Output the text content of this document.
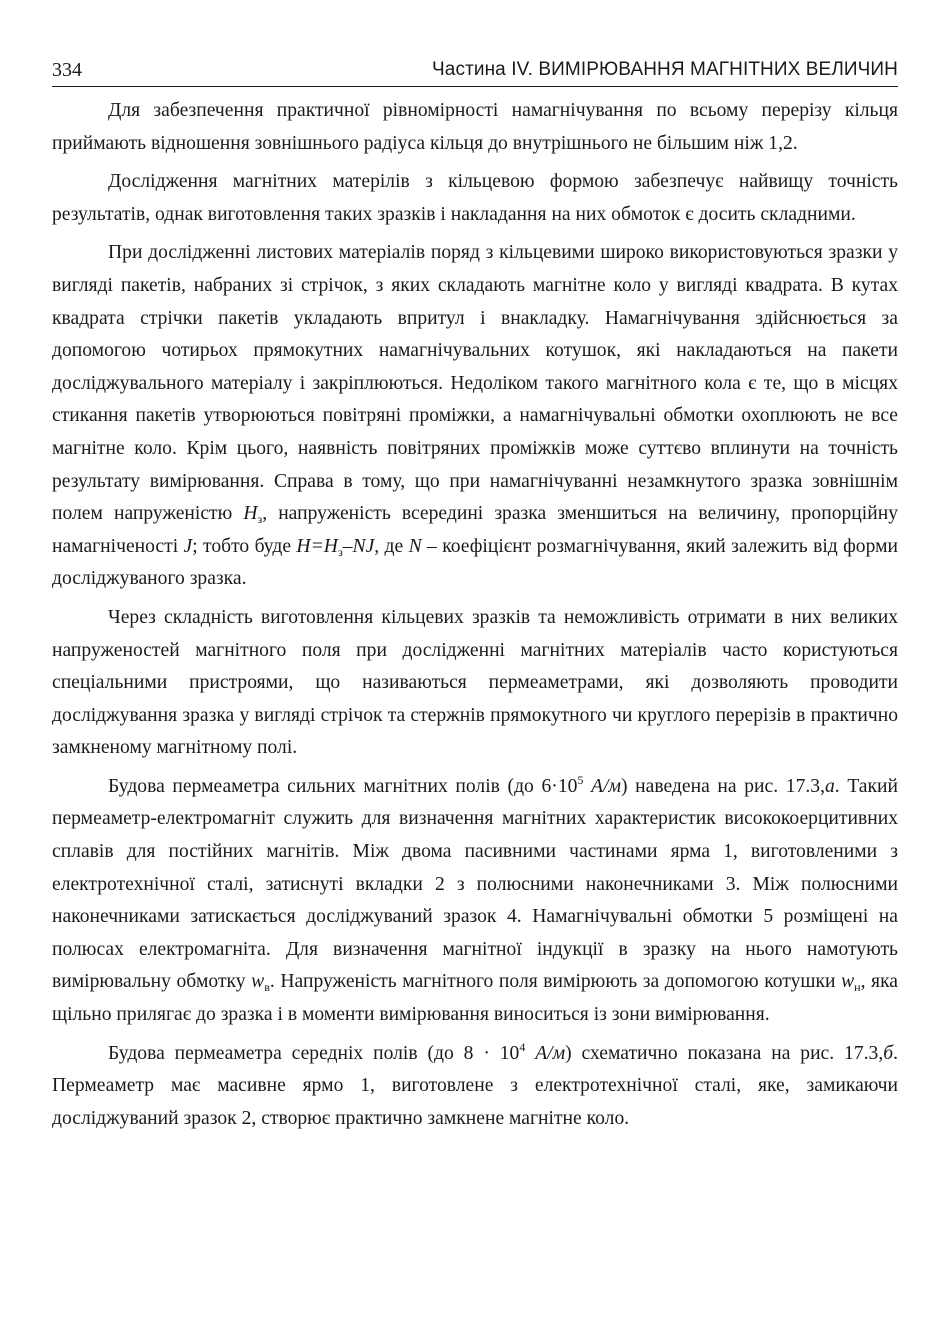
334	Частина IV. ВИМІРЮВАННЯ МАГНІТНИХ ВЕЛИЧИН

Для забезпечення практичної рівномірності намагнічування по всьому перерізу кільця приймають відношення зовнішнього радіуса кільця до внутрішнього не більшим ніж 1,2.

Дослідження магнітних матерілів з кільцевою формою забезпечує найвищу точність результатів, однак виготовлення таких зразків і накладання на них обмоток є досить складними.

При дослідженні листових матеріалів поряд з кільцевими широко використовуються зразки у вигляді пакетів, набраних зі стрічок, з яких складають магнітне коло у вигляді квадрата. В кутах квадрата стрічки пакетів укладають впритул і внакладку. Намагнічування здійснюється за допомогою чотирьох прямокутних намагнічувальних котушок, які накладаються на пакети досліджувального матеріалу і закріплюються. Недоліком такого магнітного кола є те, що в місцях стикання пакетів утворюються повітряні проміжки, а намагнічувальні обмотки охоплюють не все магнітне коло. Крім цього, наявність повітряних проміжків може суттєво вплинути на точність результату вимірювання. Справа в тому, що при намагнічуванні незамкнутого зразка зовнішнім полем напруженістю $H_з$, напруженість всередині зразка зменшиться на величину, пропорційну намагніченості J; тобто буде $H=H_з-NJ$, де N – коефіцієнт розмагнічування, який залежить від форми досліджуваного зразка.

Через складність виготовлення кільцевих зразків та неможливість отримати в них великих напруженостей магнітного поля при дослідженні магнітних матеріалів часто користуються спеціальними пристроями, що називаються пермеаметрами, які дозволяють проводити досліджування зразка у вигляді стрічок та стержнів прямокутного чи круглого перерізів в практично замкненому магнітному полі.

Будова пермеаметра сильних магнітних полів (до $6\cdot 10^5$ А/м) наведена на рис. 17.3,а. Такий пермеаметр-електромагніт служить для визначення магнітних характеристик висококоерцитивних сплавів для постійних магнітів. Між двома пасивними частинами ярма 1, виготовленими з електротехнічної сталі, затиснуті вкладки 2 з полюсними наконечниками 3. Між полюсними наконечниками затискається досліджуваний зразок 4. Намагнічувальні обмотки 5 розміщені на полюсах електромагніта. Для визначення магнітної індукції в зразку на нього намотують вимірювальну обмотку $w_в$. Напруженість магнітного поля вимірюють за допомогою котушки $w_н$, яка щільно прилягає до зразка і в моменти вимірювання виноситься із зони вимірювання.

Будова пермеаметра середніх полів (до $8 \cdot 10^4$ А/м) схематично показана на рис. 17.3,б. Пермеаметр має масивне ярмо 1, виготовлене з електротехнічної сталі, яке, замикаючи досліджуваний зразок 2, створює практично замкнене магнітне коло.
